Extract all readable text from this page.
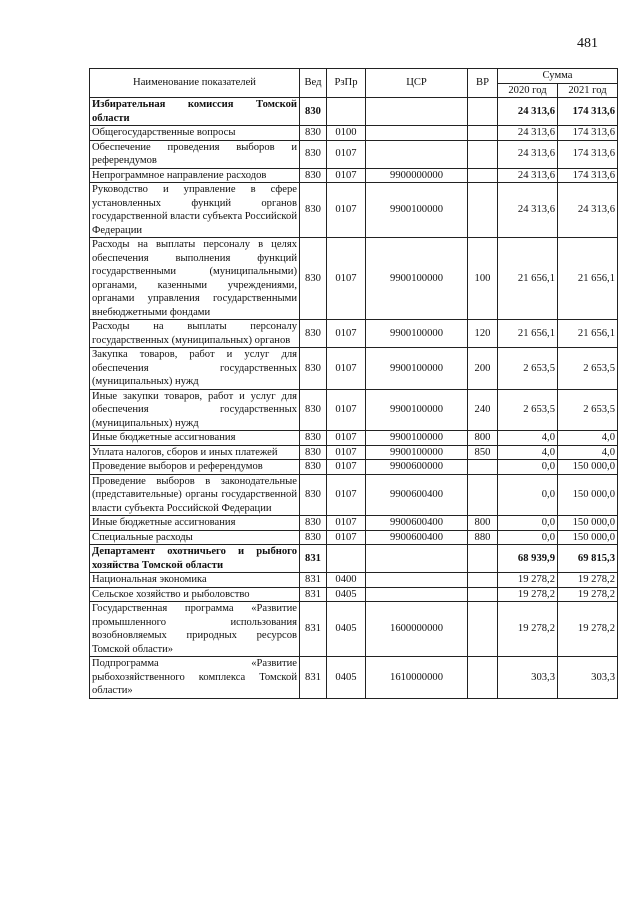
481
Наименование показателей	Вед	РзПр	ЦСР	ВР	Сумма	
					2020 год	2021 год
Избирательная комиссия Томской области	830				24 313,6	174 313,6
Общегосударственные вопросы	830	0100			24 313,6	174 313,6
Обеспечение проведения выборов и референдумов	830	0107			24 313,6	174 313,6
Непрограммное направление расходов	830	0107	9900000000		24 313,6	174 313,6
Руководство и управление в сфере установленных функций органов государственной власти субъекта Российской Федерации	830	0107	9900100000		24 313,6	24 313,6
Расходы на выплаты персоналу в целях обеспечения выполнения функций государственными (муниципальными) органами, казенными учреждениями, органами управления государственными внебюджетными фондами	830	0107	9900100000	100	21 656,1	21 656,1
Расходы на выплаты персоналу государственных (муниципальных) органов	830	0107	9900100000	120	21 656,1	21 656,1
Закупка товаров, работ и услуг для обеспечения государственных (муниципальных) нужд	830	0107	9900100000	200	2 653,5	2 653,5
Иные закупки товаров, работ и услуг для обеспечения государственных (муниципальных) нужд	830	0107	9900100000	240	2 653,5	2 653,5
Иные бюджетные ассигнования	830	0107	9900100000	800	4,0	4,0
Уплата налогов, сборов и иных платежей	830	0107	9900100000	850	4,0	4,0
Проведение выборов и референдумов	830	0107	9900600000		0,0	150 000,0
Проведение выборов в законодательные (представительные) органы государственной власти субъекта Российской Федерации	830	0107	9900600400		0,0	150 000,0
Иные бюджетные ассигнования	830	0107	9900600400	800	0,0	150 000,0
Специальные расходы	830	0107	9900600400	880	0,0	150 000,0
Департамент охотничьего и рыбного хозяйства Томской области	831				68 939,9	69 815,3
Национальная экономика	831	0400			19 278,2	19 278,2
Сельское хозяйство и рыболовство	831	0405			19 278,2	19 278,2
Государственная программа «Развитие промышленного использования возобновляемых природных ресурсов Томской области»	831	0405	1600000000		19 278,2	19 278,2
Подпрограмма «Развитие рыбохозяйственного комплекса Томской области»	831	0405	1610000000		303,3	303,3
